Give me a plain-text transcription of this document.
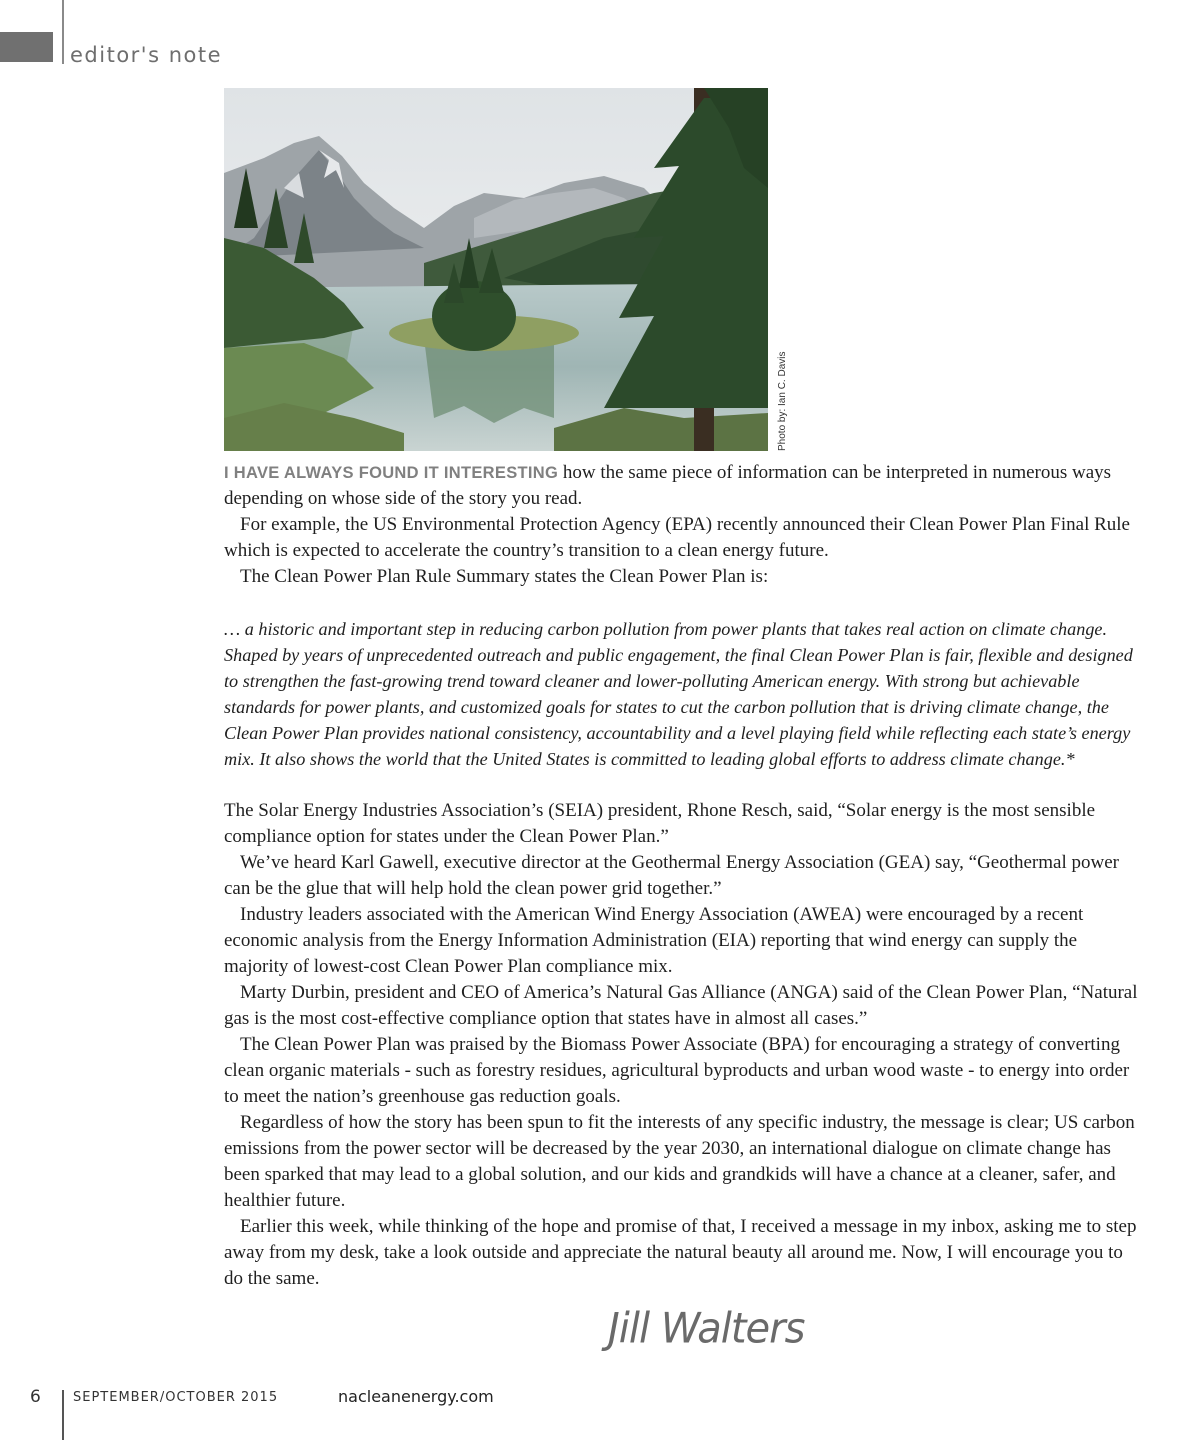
editor's note
Photo by: Ian C. Davis

I HAVE ALWAYS FOUND IT INTERESTING how the same piece of information can be interpreted in numerous ways depending on whose side of the story you read.

For example, the US Environmental Protection Agency (EPA) recently announced their Clean Power Plan Final Rule which is expected to accelerate the country’s transition to a clean energy future.

The Clean Power Plan Rule Summary states the Clean Power Plan is:

… a historic and important step in reducing carbon pollution from power plants that takes real action on climate change. Shaped by years of unprecedented outreach and public engagement, the final Clean Power Plan is fair, flexible and designed to strengthen the fast-growing trend toward cleaner and lower-polluting American energy. With strong but achievable standards for power plants, and customized goals for states to cut the carbon pollution that is driving climate change, the Clean Power Plan provides national consistency, accountability and a level playing field while reflecting each state’s energy mix. It also shows the world that the United States is committed to leading global efforts to address climate change.*

The Solar Energy Industries Association’s (SEIA) president, Rhone Resch, said, “Solar energy is the most sensible compliance option for states under the Clean Power Plan.”

We’ve heard Karl Gawell, executive director at the Geothermal Energy Association (GEA) say, “Geothermal power can be the glue that will help hold the clean power grid together.”

Industry leaders associated with the American Wind Energy Association (AWEA) were encouraged by a recent economic analysis from the Energy Information Administration (EIA) reporting that wind energy can supply the majority of lowest-cost Clean Power Plan compliance mix.

Marty Durbin, president and CEO of America’s Natural Gas Alliance (ANGA) said of the Clean Power Plan, “Natural gas is the most cost-effective compliance option that states have in almost all cases.”

The Clean Power Plan was praised by the Biomass Power Associate (BPA) for encouraging a strategy of converting clean organic materials - such as forestry residues, agricultural byproducts and urban wood waste - to energy into order to meet the nation’s greenhouse gas reduction goals.

Regardless of how the story has been spun to fit the interests of any specific industry, the message is clear; US carbon emissions from the power sector will be decreased by the year 2030, an international dialogue on climate change has been sparked that may lead to a global solution, and our kids and grandkids will have a chance at a cleaner, safer, and healthier future.

Earlier this week, while thinking of the hope and promise of that, I received a message in my inbox, asking me to step away from my desk, take a look outside and appreciate the natural beauty all around me. Now, I will encourage you to do the same.

Jill Walters
6 SEPTEMBER/OCTOBER 2015	nacleanenergy.com
